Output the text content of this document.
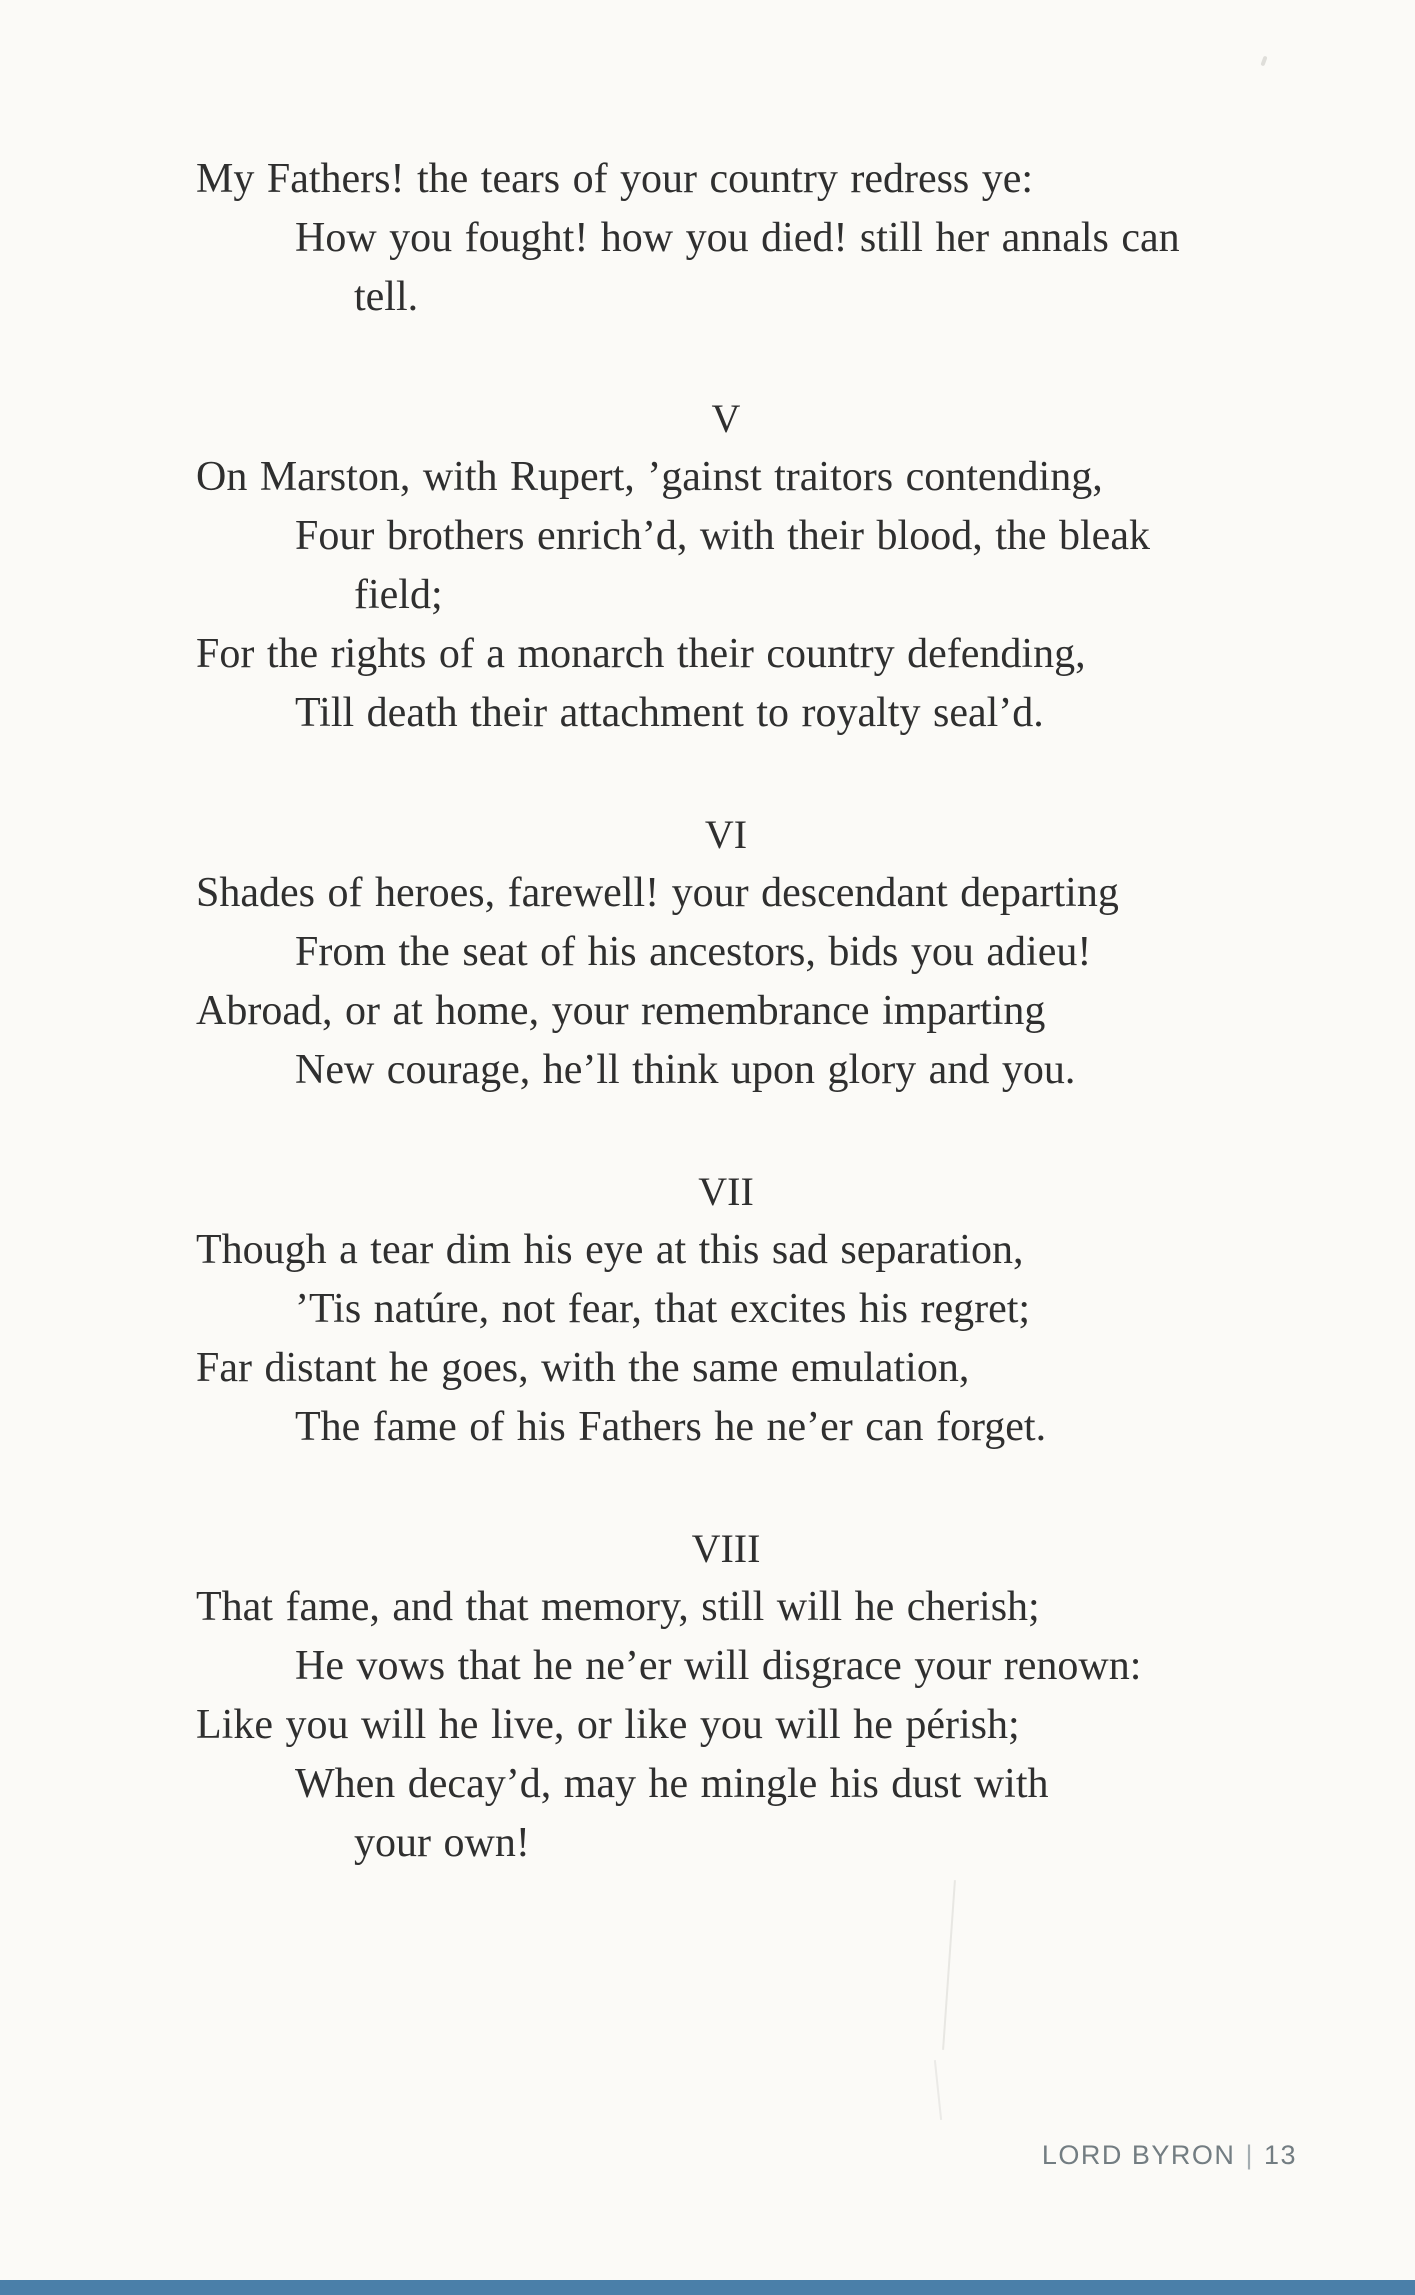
My Fathers! the tears of your country redress ye:
How you fought! how you died! still her annals can
tell.
V
On Marston, with Rupert, ’gainst traitors contending,
Four brothers enrich’d, with their blood, the bleak
field;
For the rights of a monarch their country defending,
Till death their attachment to royalty seal’d.
VI
Shades of heroes, farewell! your descendant departing
From the seat of his ancestors, bids you adieu!
Abroad, or at home, your remembrance imparting
New courage, he’ll think upon glory and you.
VII
Though a tear dim his eye at this sad separation,
’Tis natúre, not fear, that excites his regret;
Far distant he goes, with the same emulation,
The fame of his Fathers he ne’er can forget.
VIII
That fame, and that memory, still will he cherish;
He vows that he ne’er will disgrace your renown:
Like you will he live, or like you will he pérish;
When decay’d, may he mingle his dust with
your own!
LORD BYRON | 13
